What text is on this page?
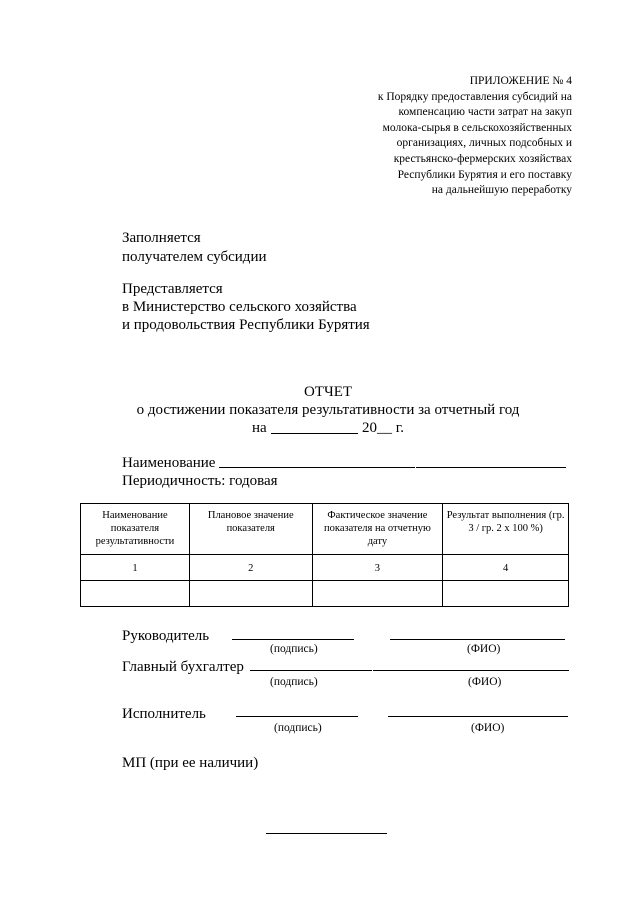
ПРИЛОЖЕНИЕ № 4
к Порядку предоставления субсидий на
компенсацию части затрат на закуп
молока-сырья в сельскохозяйственных
организациях, личных подсобных и
крестьянско-фермерских хозяйствах
Республики Бурятия и его поставку
на дальнейшую переработку
Заполняется
получателем субсидии
Представляется
в Министерство сельского хозяйства
и продовольствия Республики Бурятия
ОТЧЕТ
о достижении показателя результативности за отчетный год
на	20__ г.
Наименование
Периодичность: годовая
Наименование показателя результативности	Плановое значение показателя	Фактическое значение показателя на отчетную дату	Результат выполнения (гр. 3 / гр. 2 х 100 %)
1	2	3	4

Руководитель
(подпись)	(ФИО)
Главный бухгалтер
(подпись)	(ФИО)
Исполнитель
(подпись)	(ФИО)
МП (при ее наличии)
